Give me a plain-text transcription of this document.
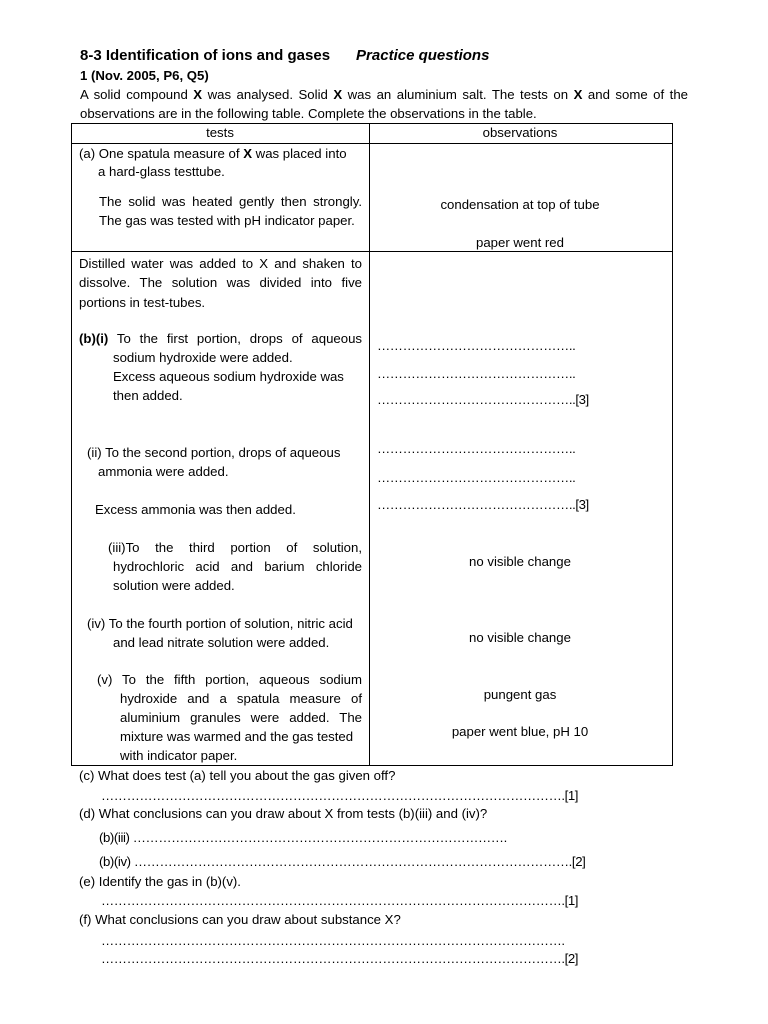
8-3 Identification of ions and gases Practice questions
1 (Nov. 2005, P6, Q5)
A solid compound X was analysed. Solid X was an aluminium salt. The tests on X and some of the observations are in the following table. Complete the observations in the table.
tests	observations
(a) One spatula measure of X was placed into
a hard-glass testtube.
The solid was heated gently then strongly. The gas was tested with pH indicator paper.
condensation at top of tube
paper went red
Distilled water was added to X and shaken to dissolve. The solution was divided into five portions in test-tubes.
(b)(i) To the first portion, drops of aqueous
sodium hydroxide were added.
Excess aqueous sodium hydroxide was
then added.
………………………………………..
………………………………………..
………………………………………..[3]
(ii) To the second portion, drops of aqueous
ammonia were added.
Excess ammonia was then added.
………………………………………..
………………………………………..
………………………………………..[3]
(iii)To the third portion of solution,
hydrochloric acid and barium chloride
solution were added.
no visible change
(iv) To the fourth portion of solution, nitric acid
and lead nitrate solution were added.	no visible change
(v) To the fifth portion, aqueous sodium
hydroxide and a spatula measure of
aluminium granules were added. The
mixture was warmed and the gas tested
with indicator paper.
pungent gas
paper went blue, pH 10
(c) What does test (a) tell you about the gas given off?
……………………………………………………………………………………………….[1]
(d) What conclusions can you draw about X from tests (b)(iii) and (iv)?
(b)(iii) …………………………………………………………………………….
(b)(iv) ………………………………………………………………………………………….[2]
(e) Identify the gas in (b)(v).
……………………………………………………………………………………………….[1]
(f) What conclusions can you draw about substance X?
……………………………………………………………………………………………….
……………………………………………………………………………………………….[2]
